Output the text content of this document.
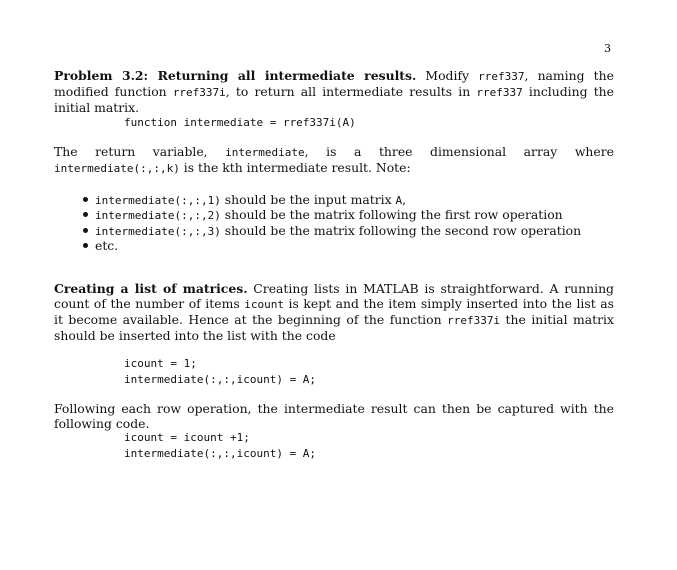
3
Problem 3.2: Returning all intermediate results. Modify rref337, naming the modified function rref337i, to return all intermediate results in rref337 including the initial matrix.
function intermediate = rref337i(A)
The return variable, intermediate, is a three dimensional array where intermediate(:,:,k) is the kth intermediate result. Note:
intermediate(:,:,1) should be the input matrix A,
intermediate(:,:,2) should be the matrix following the first row operation
intermediate(:,:,3) should be the matrix following the second row operation
etc.
Creating a list of matrices. Creating lists in MATLAB is straightforward. A running count of the number of items icount is kept and the item simply inserted into the list as it become available. Hence at the beginning of the function rref337i the initial matrix should be inserted into the list with the code
icount = 1;
intermediate(:,:,icount) = A;
Following each row operation, the intermediate result can then be captured with the following code.
icount = icount +1;
intermediate(:,:,icount) = A;
